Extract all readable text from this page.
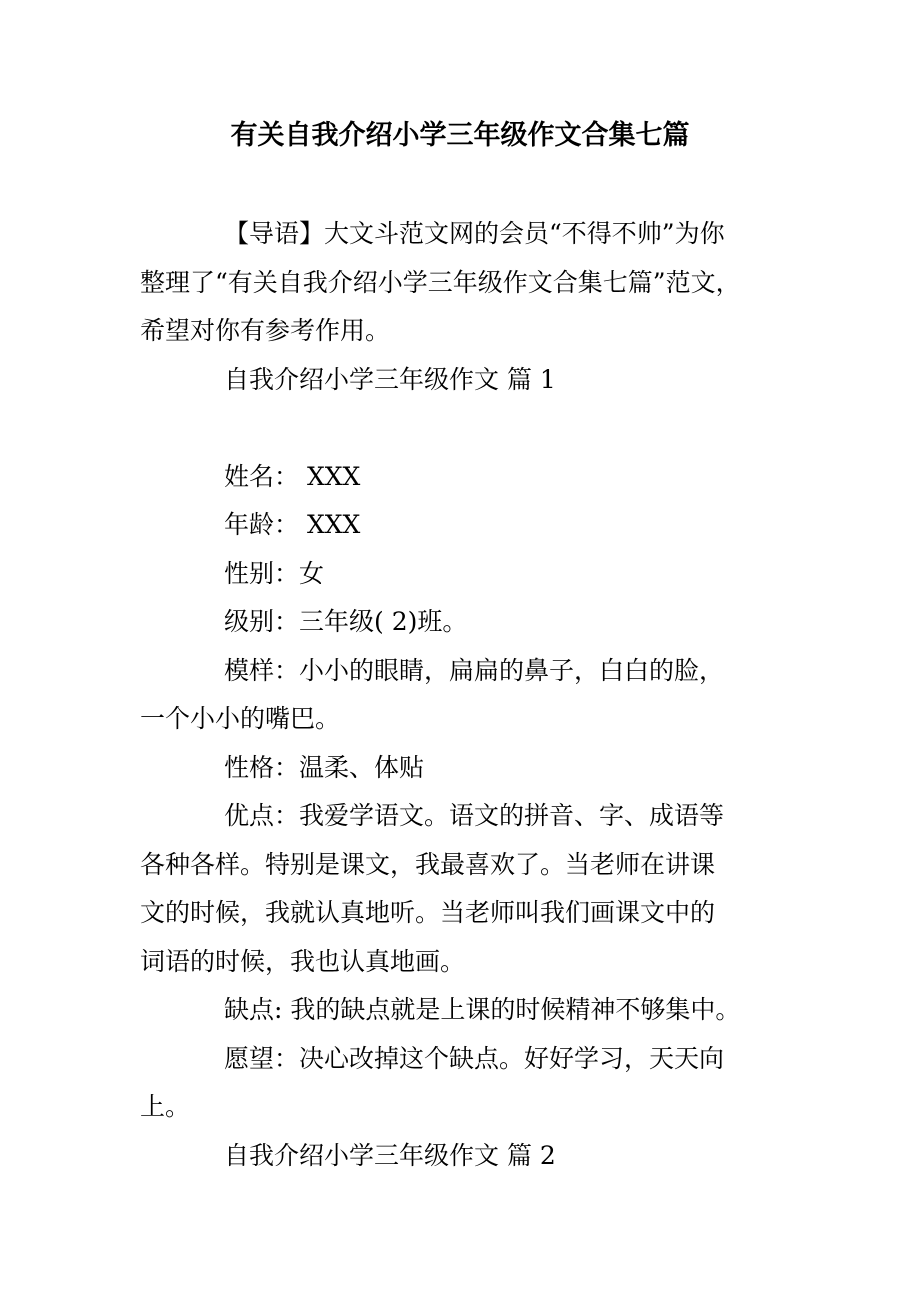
有关自我介绍小学三年级作文合集七篇
【导语】大文斗范文网的会员“不得不帅”为你
整理了“有关自我介绍小学三年级作文合集七篇”范文，
希望对你有参考作用。
自我介绍小学三年级作文 篇 1
姓名： XXX
年龄： XXX
性别：女
级别：三年级( 2)班。
模样：小小的眼睛，扁扁的鼻子，白白的脸，
一个小小的嘴巴。
性格：温柔、体贴
优点：我爱学语文。语文的拼音、字、成语等
各种各样。特别是课文，我最喜欢了。当老师在讲课
文的时候，我就认真地听。当老师叫我们画课文中的
词语的时候，我也认真地画。
缺点: 我的缺点就是上课的时候精神不够集中。
愿望：决心改掉这个缺点。好好学习，天天向
上。
自我介绍小学三年级作文 篇 2
